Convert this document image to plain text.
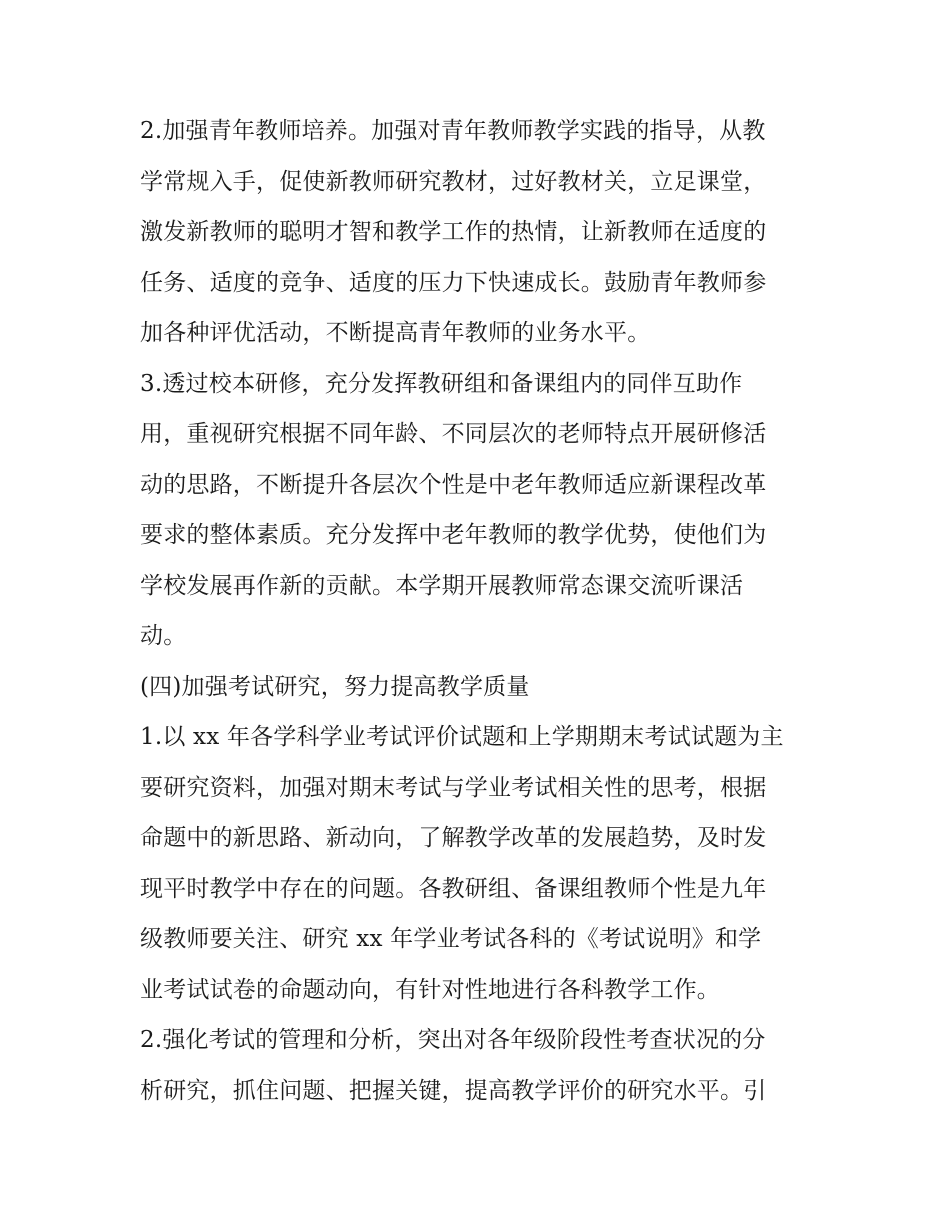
2.加强青年教师培养。加强对青年教师教学实践的指导，从教
学常规入手，促使新教师研究教材，过好教材关，立足课堂，
激发新教师的聪明才智和教学工作的热情，让新教师在适度的
任务、适度的竞争、适度的压力下快速成长。鼓励青年教师参
加各种评优活动，不断提高青年教师的业务水平。
3.透过校本研修，充分发挥教研组和备课组内的同伴互助作
用，重视研究根据不同年龄、不同层次的老师特点开展研修活
动的思路，不断提升各层次个性是中老年教师适应新课程改革
要求的整体素质。充分发挥中老年教师的教学优势，使他们为
学校发展再作新的贡献。本学期开展教师常态课交流听课活
动。
(四)加强考试研究，努力提高教学质量
1.以 xx 年各学科学业考试评价试题和上学期期末考试试题为主
要研究资料，加强对期末考试与学业考试相关性的思考，根据
命题中的新思路、新动向，了解教学改革的发展趋势，及时发
现平时教学中存在的问题。各教研组、备课组教师个性是九年
级教师要关注、研究 xx 年学业考试各科的《考试说明》和学
业考试试卷的命题动向，有针对性地进行各科教学工作。
2.强化考试的管理和分析，突出对各年级阶段性考查状况的分
析研究，抓住问题、把握关键，提高教学评价的研究水平。引
